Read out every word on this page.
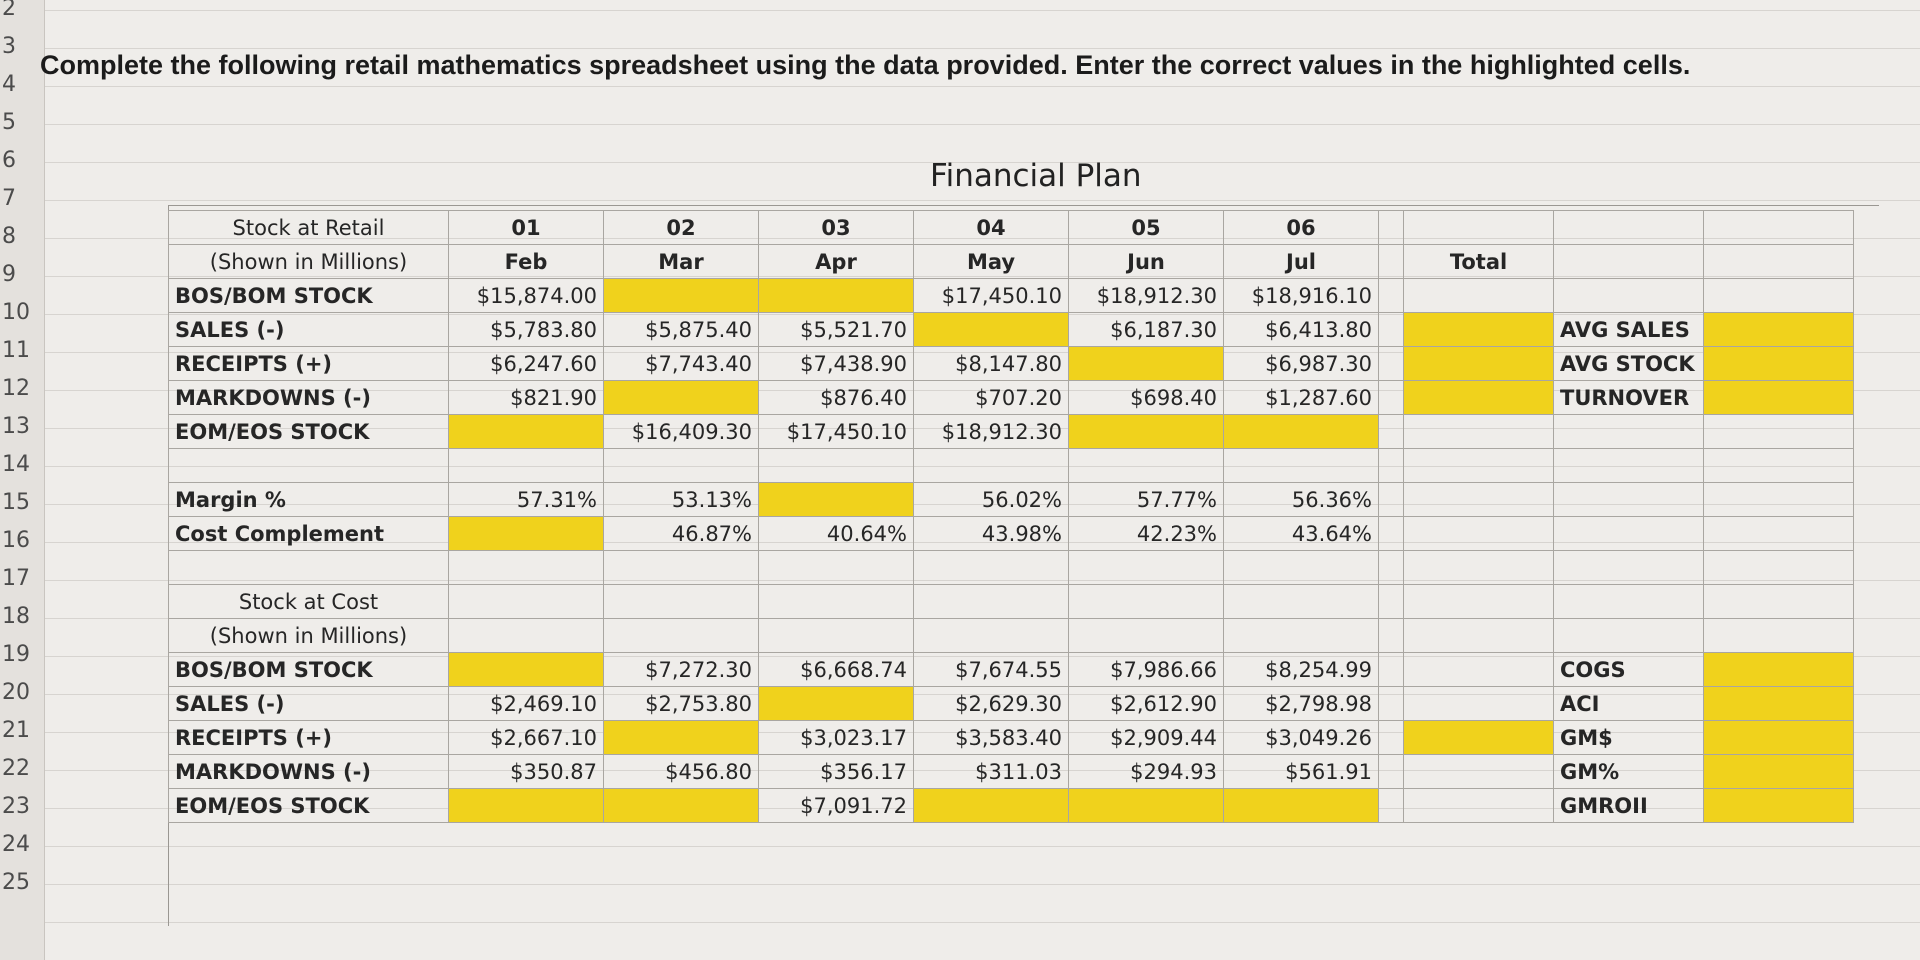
2
3
4
5
6
7
8
9
10
11
12
13
14
15
16
17
18
19
20
21
22
23
24
25
Complete the following retail mathematics spreadsheet using the data provided. Enter the correct values in the highlighted cells.
Financial Plan
Stock at Retail	01	02	03	04	05	06				
(Shown in Millions)	Feb	Mar	Apr	May	Jun	Jul		Total		
BOS/BOM STOCK	$15,874.00			$17,450.10	$18,912.30	$18,916.10				
SALES (-)	$5,783.80	$5,875.40	$5,521.70		$6,187.30	$6,413.80			AVG SALES	
RECEIPTS (+)	$6,247.60	$7,743.40	$7,438.90	$8,147.80		$6,987.30			AVG STOCK	
MARKDOWNS (-)	$821.90		$876.40	$707.20	$698.40	$1,287.60			TURNOVER	
EOM/EOS STOCK		$16,409.30	$17,450.10	$18,912.30						

Margin %	57.31%	53.13%		56.02%	57.77%	56.36%				
Cost Complement		46.87%	40.64%	43.98%	42.23%	43.64%				

Stock at Cost										
(Shown in Millions)										
BOS/BOM STOCK		$7,272.30	$6,668.74	$7,674.55	$7,986.66	$8,254.99			COGS	
SALES (-)	$2,469.10	$2,753.80		$2,629.30	$2,612.90	$2,798.98			ACI	
RECEIPTS (+)	$2,667.10		$3,023.17	$3,583.40	$2,909.44	$3,049.26			GM$	
MARKDOWNS (-)	$350.87	$456.80	$356.17	$311.03	$294.93	$561.91			GM%	
EOM/EOS STOCK			$7,091.72						GMROII	
